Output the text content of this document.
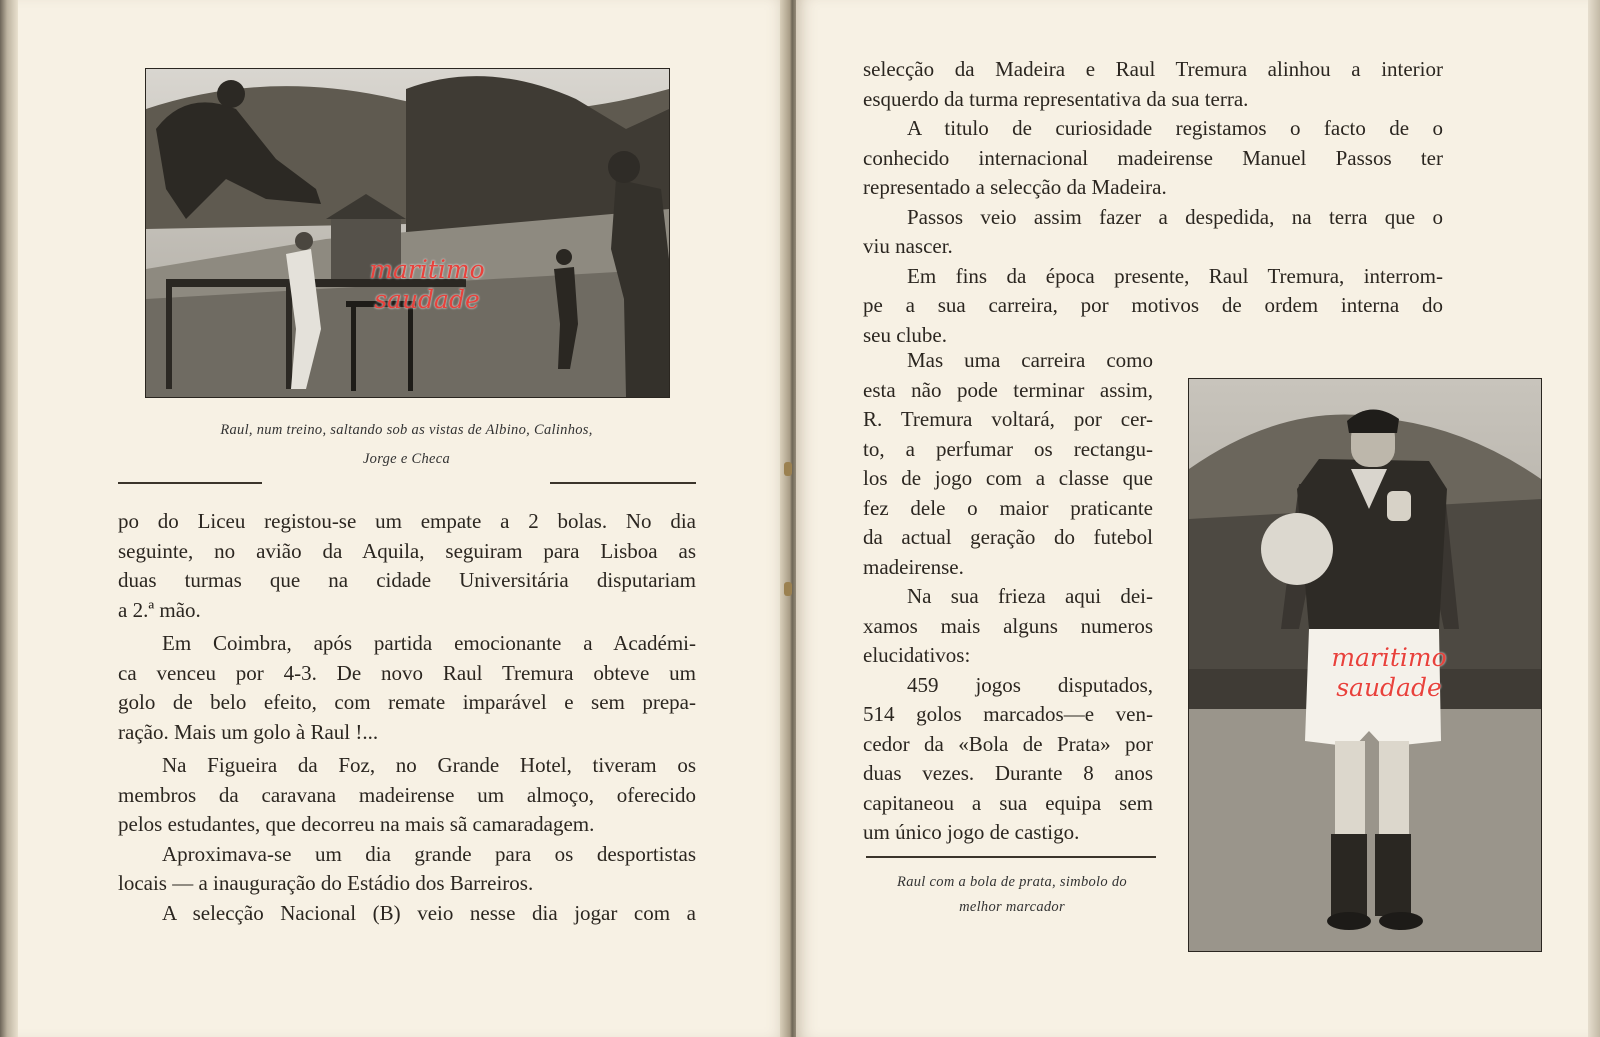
maritimo
saudade
Raul, num treino, saltando sob as vistas de Albino, Calinhos,
Jorge e Checa

po do Liceu registou-se um empate a 2 bolas. No dia

seguinte, no avião da Aquila, seguiram para Lisboa as

duas turmas que na cidade Universitária disputariam

a 2.ª mão.

Em Coimbra, após partida emocionante a Académi-

ca venceu por 4-3. De novo Raul Tremura obteve um

golo de belo efeito, com remate imparável e sem prepa-

ração. Mais um golo à Raul !...

Na Figueira da Foz, no Grande Hotel, tiveram os

membros da caravana madeirense um almoço, oferecido

pelos estudantes, que decorreu na mais sã camaradagem.

Aproximava-se um dia grande para os desportistas

locais — a inauguração do Estádio dos Barreiros.

A selecção Nacional (B) veio nesse dia jogar com a

selecção da Madeira e Raul Tremura alinhou a interior

esquerdo da turma representativa da sua terra.

A titulo de curiosidade registamos o facto de o

conhecido internacional madeirense Manuel Passos ter

representado a selecção da Madeira.

Passos veio assim fazer a despedida, na terra que o

viu nascer.

Em fins da época presente, Raul Tremura, interrom-

pe a sua carreira, por motivos de ordem interna do

seu clube.

Mas uma carreira como

esta não pode terminar assim,

R. Tremura voltará, por cer-

to, a perfumar os rectangu-

los de jogo com a classe que

fez dele o maior praticante

da actual geração do futebol

madeirense.

Na sua frieza aqui dei-

xamos mais alguns numeros

elucidativos:

459 jogos disputados,

514 golos marcados—e ven-

cedor da «Bola de Prata» por

duas vezes. Durante 8 anos

capitaneou a sua equipa sem

um único jogo de castigo.

Raul com a bola de prata, simbolo do
melhor marcador
maritimo
saudade
